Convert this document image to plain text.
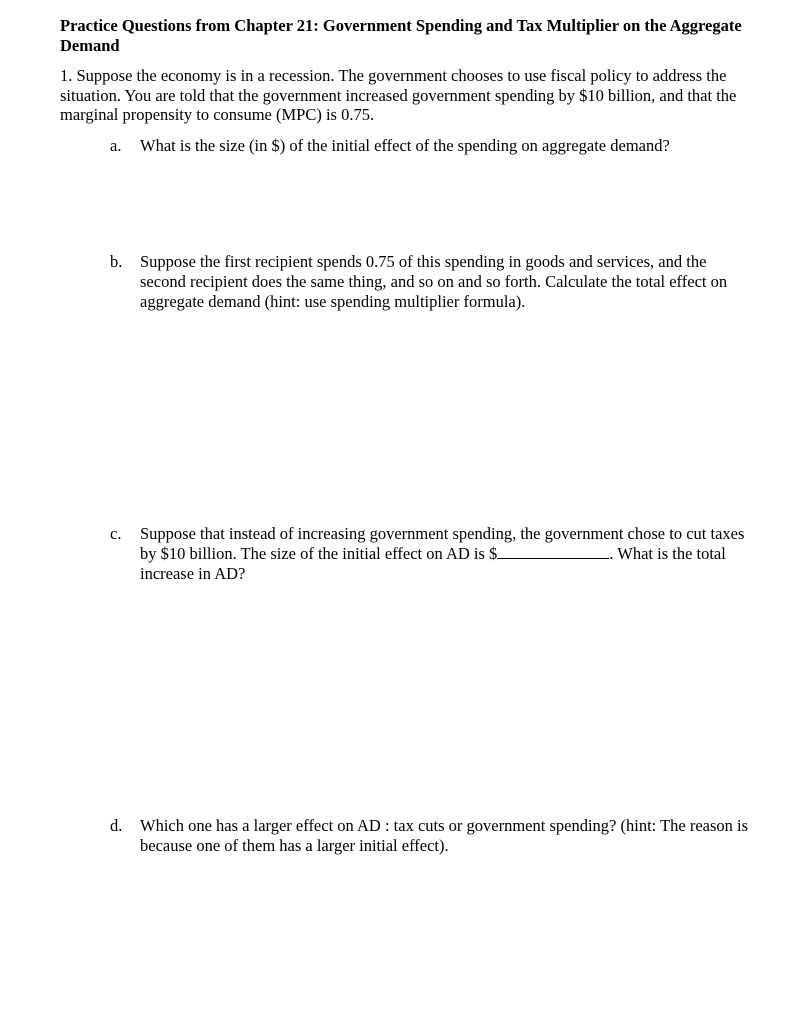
Practice Questions from Chapter 21: Government Spending and Tax Multiplier on the Aggregate Demand

1. Suppose the economy is in a recession. The government chooses to use fiscal policy to address the situation. You are told that the government increased government spending by $10 billion, and that the marginal propensity to consume (MPC) is 0.75.

a.	What is the size (in $) of the initial effect of the spending on aggregate demand?
b.	Suppose the first recipient spends 0.75 of this spending in goods and services, and the second recipient does the same thing, and so on and so forth. Calculate the total effect on aggregate demand (hint: use spending multiplier formula).
c.	Suppose that instead of increasing government spending, the government chose to cut taxes by $10 billion. The size of the initial effect on AD is $	. What is the total increase in AD?
d.	Which one has a larger effect on AD : tax cuts or government spending? (hint: The reason is because one of them has a larger initial effect).
